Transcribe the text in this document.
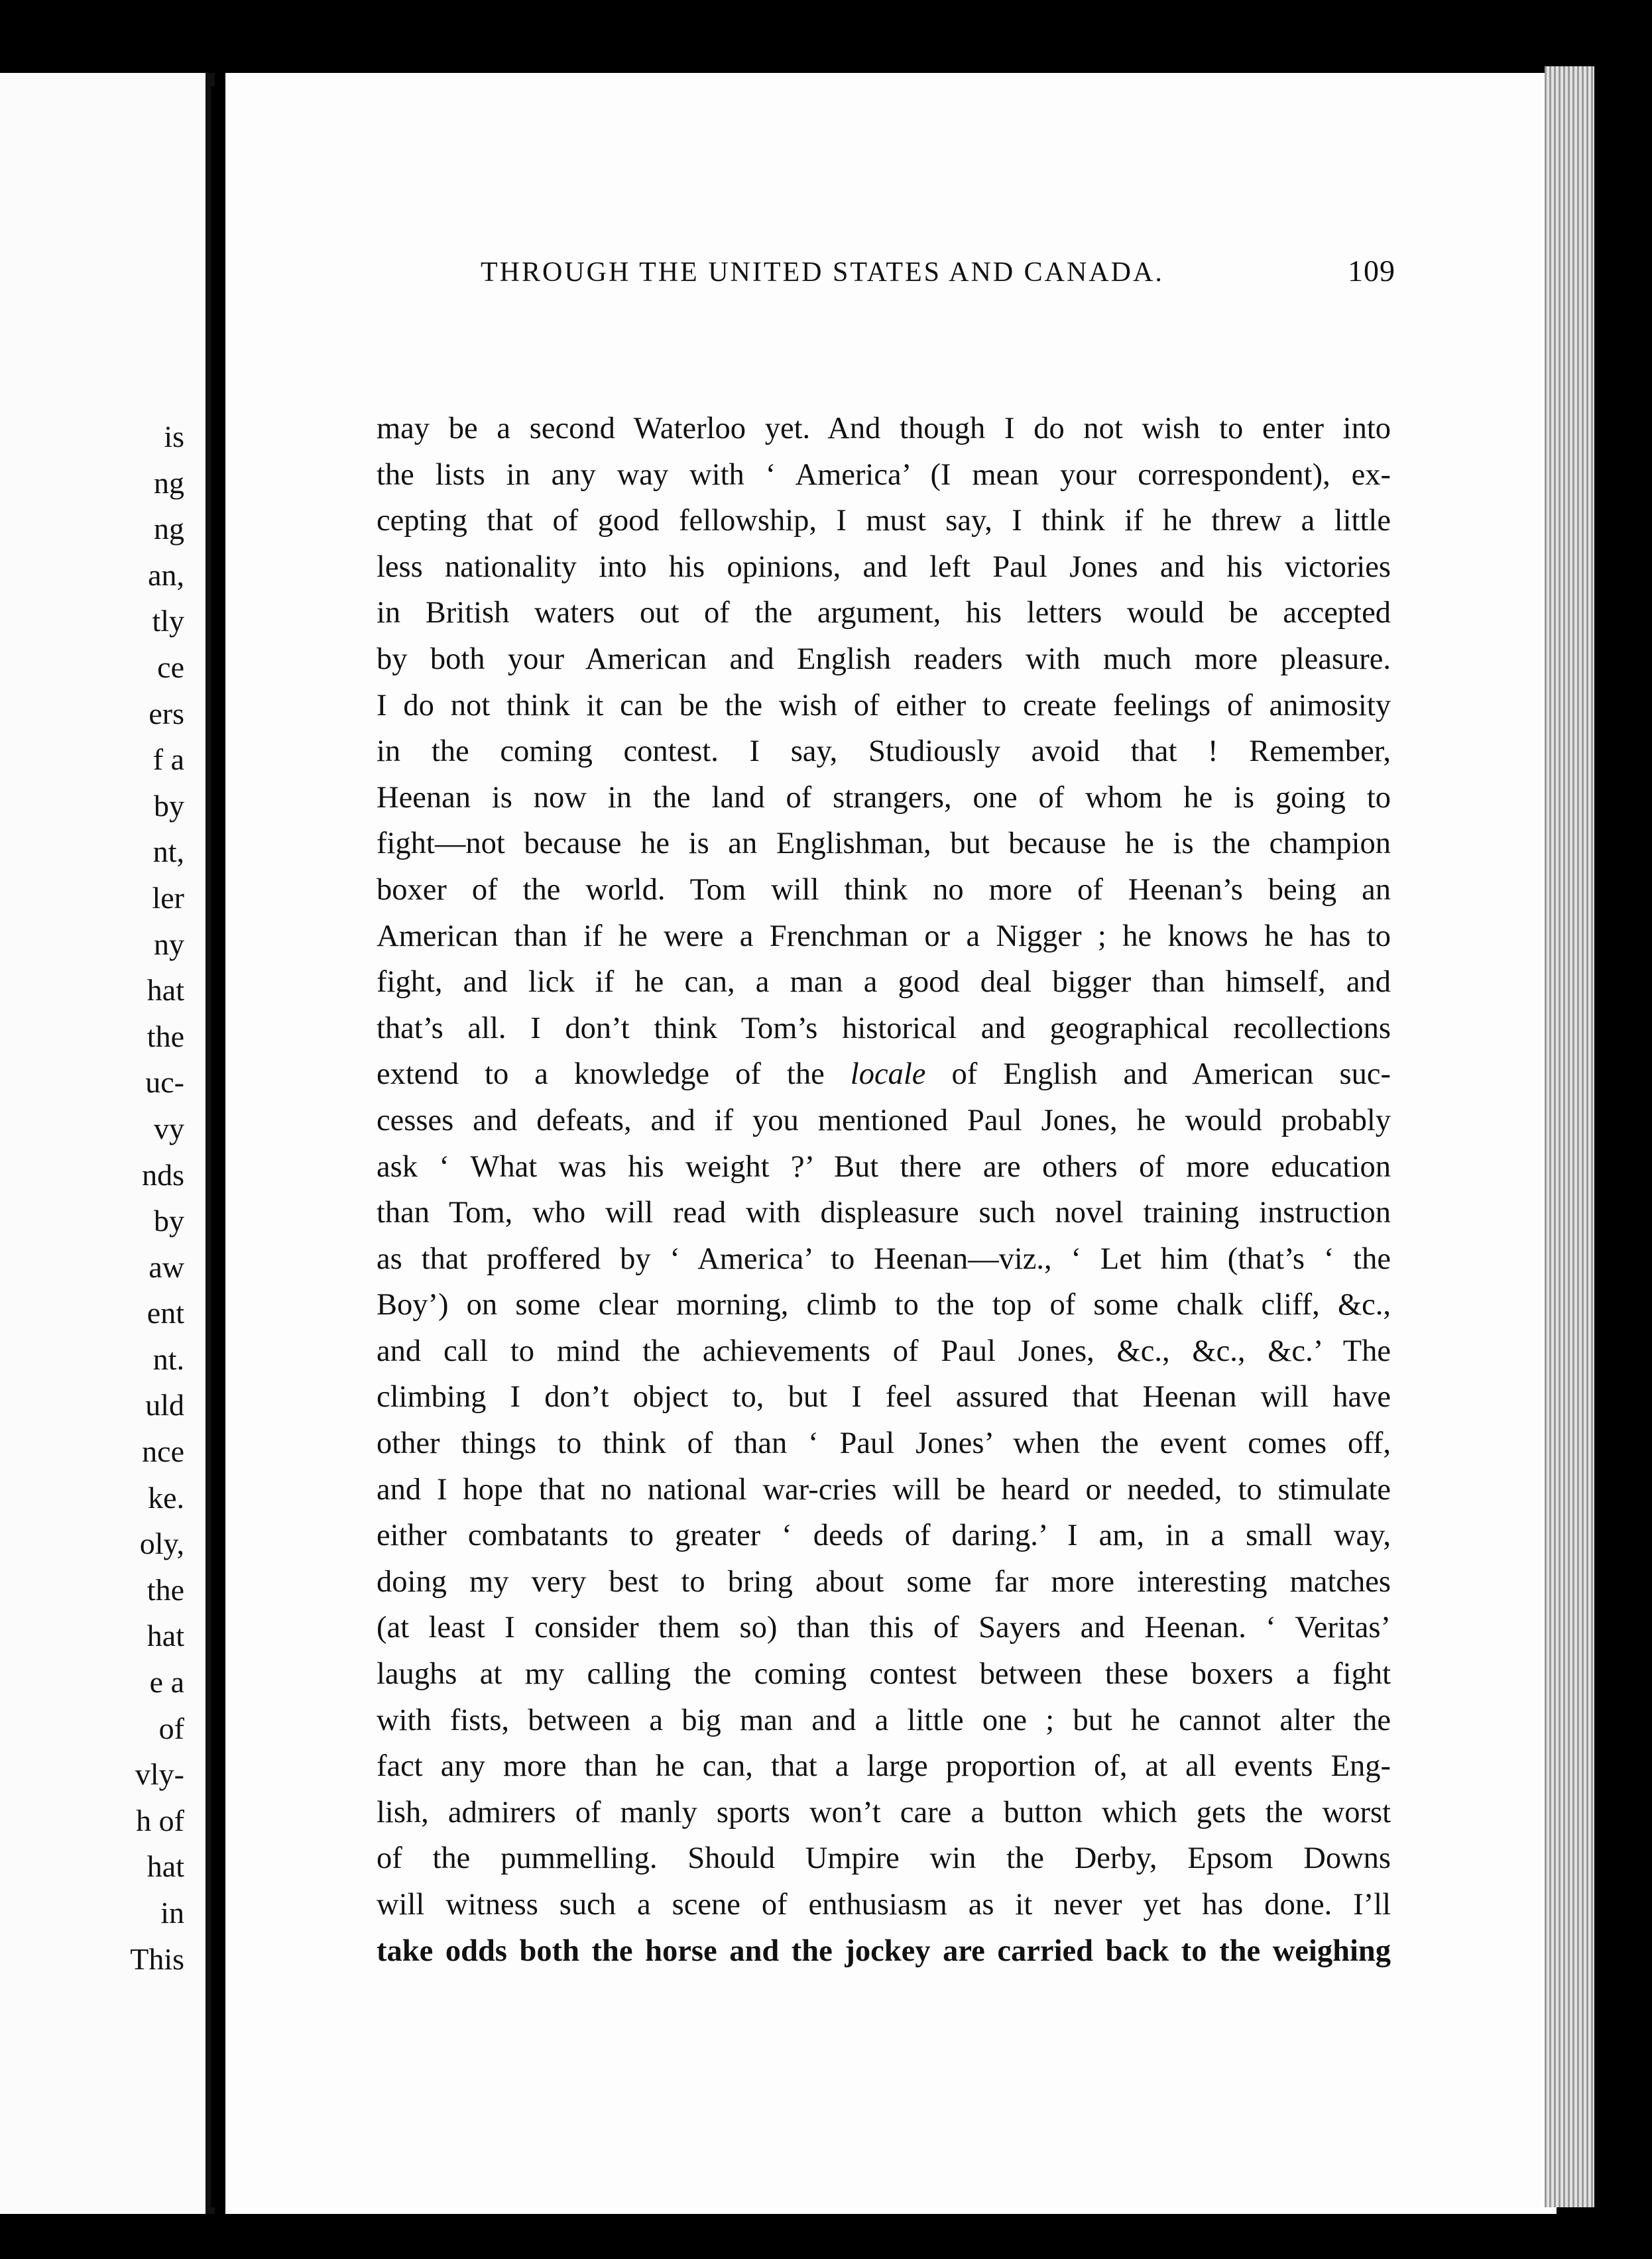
is
ng
ng
an,
tly
ce
ers
f a
by
nt,
ler
ny
hat
the
uc-
vy
nds
by
aw
ent
nt.
uld
nce
ke.
oly,
the
hat
e a
of
vly-
h of
hat
in
This
THROUGH THE UNITED STATES AND CANADA.	109
may be a second Waterloo yet. And though I do not wish to enter into
the lists in any way with ‘ America’ (I mean your correspondent), ex-
cepting that of good fellowship, I must say, I think if he threw a little
less nationality into his opinions, and left Paul Jones and his victories
in British waters out of the argument, his letters would be accepted
by both your American and English readers with much more pleasure.
I do not think it can be the wish of either to create feelings of animosity
in the coming contest. I say, Studiously avoid that ! Remember,
Heenan is now in the land of strangers, one of whom he is going to
fight—not because he is an Englishman, but because he is the champion
boxer of the world. Tom will think no more of Heenan’s being an
American than if he were a Frenchman or a Nigger ; he knows he has to
fight, and lick if he can, a man a good deal bigger than himself, and
that’s all. I don’t think Tom’s historical and geographical recollections
extend to a knowledge of the locale of English and American suc-
cesses and defeats, and if you mentioned Paul Jones, he would probably
ask ‘ What was his weight ?’ But there are others of more education
than Tom, who will read with displeasure such novel training instruction
as that proffered by ‘ America’ to Heenan—viz., ‘ Let him (that’s ‘ the
Boy’) on some clear morning, climb to the top of some chalk cliff, &c.,
and call to mind the achievements of Paul Jones, &c., &c., &c.’ The
climbing I don’t object to, but I feel assured that Heenan will have
other things to think of than ‘ Paul Jones’ when the event comes off,
and I hope that no national war-cries will be heard or needed, to stimulate
either combatants to greater ‘ deeds of daring.’ I am, in a small way,
doing my very best to bring about some far more interesting matches
(at least I consider them so) than this of Sayers and Heenan. ‘ Veritas’
laughs at my calling the coming contest between these boxers a fight
with fists, between a big man and a little one ; but he cannot alter the
fact any more than he can, that a large proportion of, at all events Eng-
lish, admirers of manly sports won’t care a button which gets the worst
of the pummelling. Should Umpire win the Derby, Epsom Downs
will witness such a scene of enthusiasm as it never yet has done. I’ll
take odds both the horse and the jockey are carried back to the weighing
